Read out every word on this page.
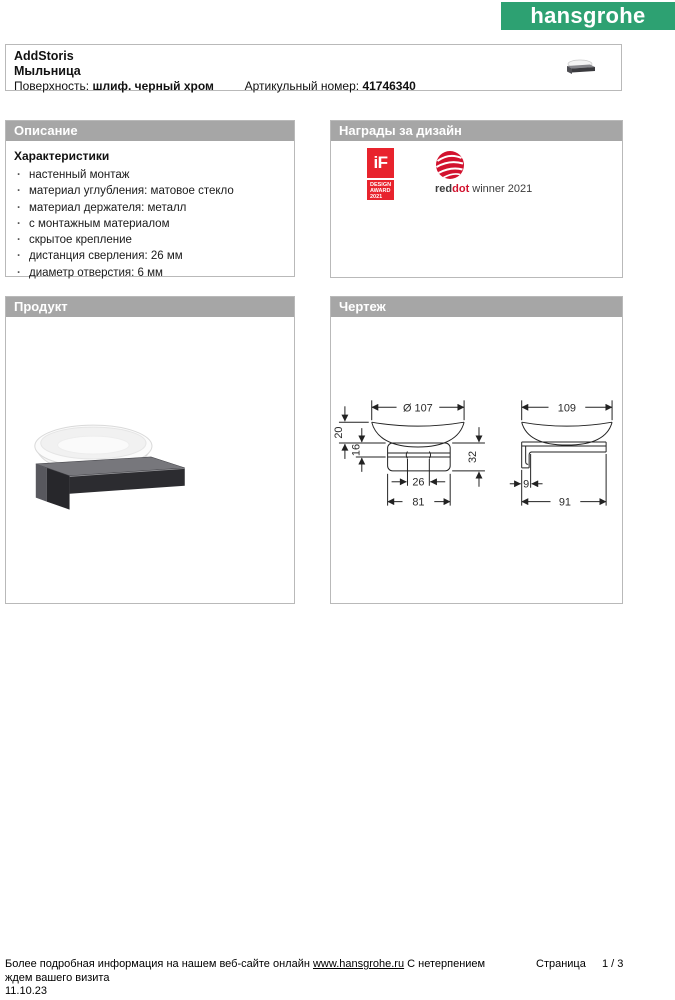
hansgrohe
AddStoris
Мыльница
Поверхность: шлиф. черный хром	Артикульный номер: 41746340
Описание
Характеристики
· настенный монтаж
· материал углубления: матовое стекло
· материал держателя: металл
· с монтажным материалом
· скрытое крепление
· дистанция сверления: 26 мм
· диаметр отверстия: 6 мм
Награды за дизайн
iF
DESIGN
AWARD
2021
reddot winner 2021
Продукт	Чертеж
Ø 107
20
16
32
26
81
109
9
91
Более подробная информация на нашем веб-сайте онлайн www.hansgrohe.ru С нетерпением ждем вашего визита
11.10.23
Страница 1 / 3
